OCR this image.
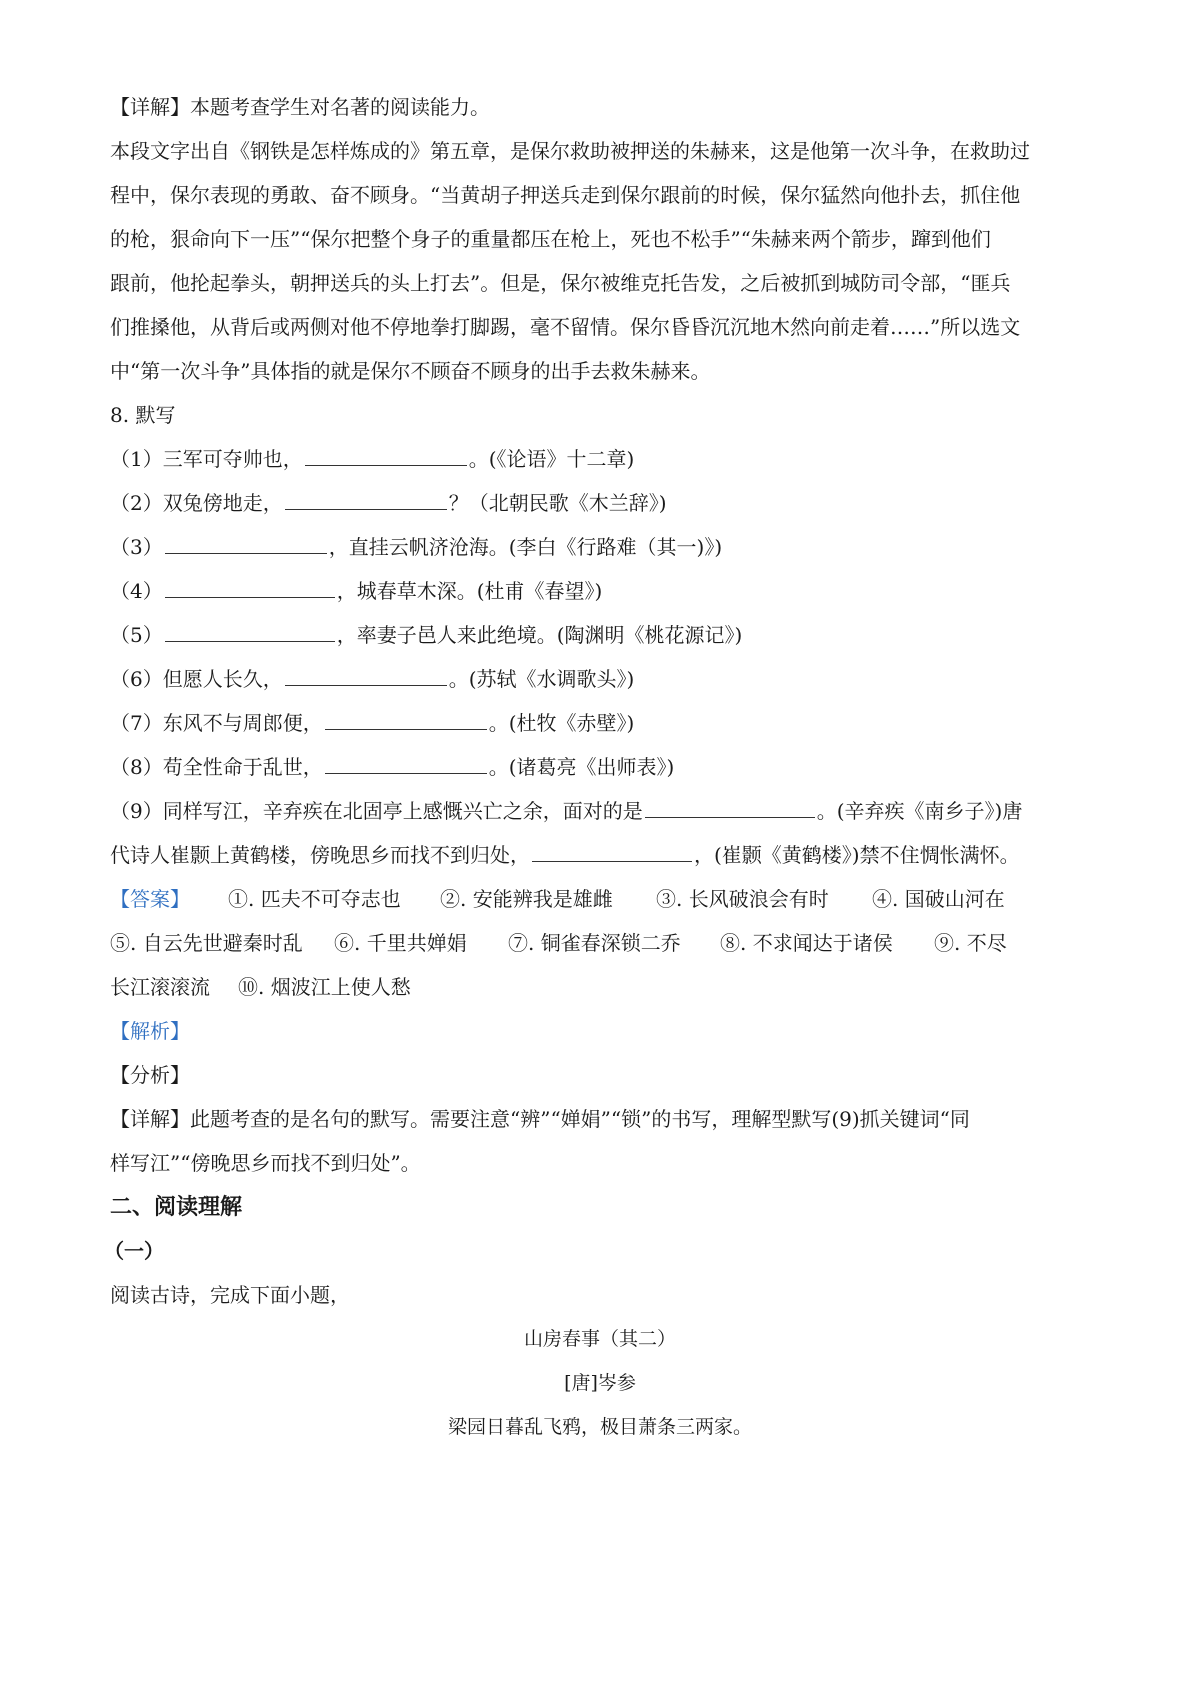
【详解】本题考查学生对名著的阅读能力。
本段文字出自《钢铁是怎样炼成的》第五章，是保尔救助被押送的朱赫来，这是他第一次斗争，在救助过
程中，保尔表现的勇敢、奋不顾身。“当黄胡子押送兵走到保尔跟前的时候，保尔猛然向他扑去，抓住他
的枪，狠命向下一压”“保尔把整个身子的重量都压在枪上，死也不松手”“朱赫来两个箭步，蹿到他们
跟前，他抡起拳头，朝押送兵的头上打去”。但是，保尔被维克托告发，之后被抓到城防司令部，“匪兵
们推搡他，从背后或两侧对他不停地拳打脚踢，毫不留情。保尔昏昏沉沉地木然向前走着……”所以选文
中“第一次斗争”具体指的就是保尔不顾奋不顾身的出手去救朱赫来。
8. 默写
（1）三军可夺帅也，	。(《论语》十二章)
（2）双兔傍地走，	？（北朝民歌《木兰辞》)
（3）	，直挂云帆济沧海。(李白《行路难（其一)》)
（4）	，城春草木深。(杜甫《春望》)
（5）	，率妻子邑人来此绝境。(陶渊明《桃花源记》)
（6）但愿人长久，	。(苏轼《水调歌头》)
（7）东风不与周郎便，	。(杜牧《赤壁》)
（8）苟全性命于乱世，	。(诸葛亮《出师表》)
（9）同样写江，辛弃疾在北固亭上感慨兴亡之余，面对的是	。(辛弃疾《南乡子》)唐
代诗人崔颢上黄鹤楼，傍晚思乡而找不到归处，	，(崔颢《黄鹤楼》)禁不住惆怅满怀。
【答案】 ①. 匹夫不可夺志也 ②. 安能辨我是雄雌 ③. 长风破浪会有时 ④. 国破山河在
⑤. 自云先世避秦时乱 ⑥. 千里共婵娟 ⑦. 铜雀春深锁二乔 ⑧. 不求闻达于诸侯 ⑨. 不尽
长江滚滚流 ⑩. 烟波江上使人愁
【解析】
【分析】
【详解】此题考查的是名句的默写。需要注意“辨”“婵娟”“锁”的书写，理解型默写(9)抓关键词“同
样写江”“傍晚思乡而找不到归处”。
二、阅读理解
（一）
阅读古诗，完成下面小题，
山房春事（其二）
[唐]岑参
梁园日暮乱飞鸦，极目萧条三两家。
